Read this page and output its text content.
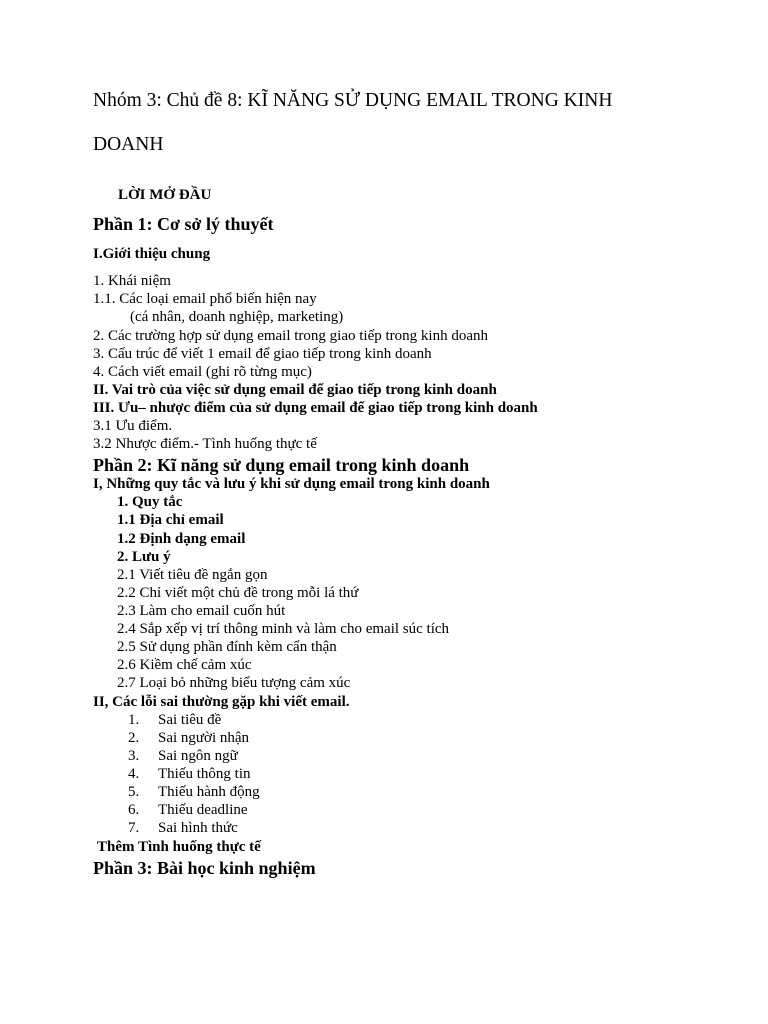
Nhóm 3: Chủ đề 8: KĨ NĂNG SỬ DỤNG EMAIL TRONG KINH
DOANH
LỜI MỞ ĐẦU
Phần 1: Cơ sở lý thuyết
I.Giới thiệu chung
1. Khái niệm
1.1. Các loại email phổ biến hiện nay
(cá nhân, doanh nghiệp, marketing)
2. Các trường hợp sử dụng email trong giao tiếp trong kinh doanh
3. Cấu trúc để viết 1 email để giao tiếp trong kinh doanh
4. Cách viết email (ghi rõ từng mục)
II. Vai trò của việc sử dụng email để giao tiếp trong kinh doanh
III. Ưu– nhược điểm của sử dụng email để giao tiếp trong kinh doanh
3.1 Ưu điểm.
3.2 Nhược điểm.- Tình huống thực tế
Phần 2: Kĩ năng sử dụng email trong kinh doanh
I, Những quy tắc và lưu ý khi sử dụng email trong kinh doanh
1. Quy tắc
1.1 Địa chỉ email
1.2 Định dạng email
2. Lưu ý
2.1 Viết tiêu đề ngắn gọn
2.2 Chỉ viết một chủ đề trong mỗi lá thứ
2.3 Làm cho email cuốn hút
2.4 Sắp xếp vị trí thông minh và làm cho email súc tích
2.5 Sử dụng phần đính kèm cẩn thận
2.6 Kiềm chế cảm xúc
2.7 Loại bỏ những biểu tượng cảm xúc
II, Các lỗi sai thường gặp khi viết email.
1. Sai tiêu đề
2. Sai người nhận
3. Sai ngôn ngữ
4. Thiếu thông tin
5. Thiếu hành động
6. Thiếu deadline
7. Sai hình thức
Thêm Tình huống thực tế
Phần 3: Bài học kinh nghiệm
